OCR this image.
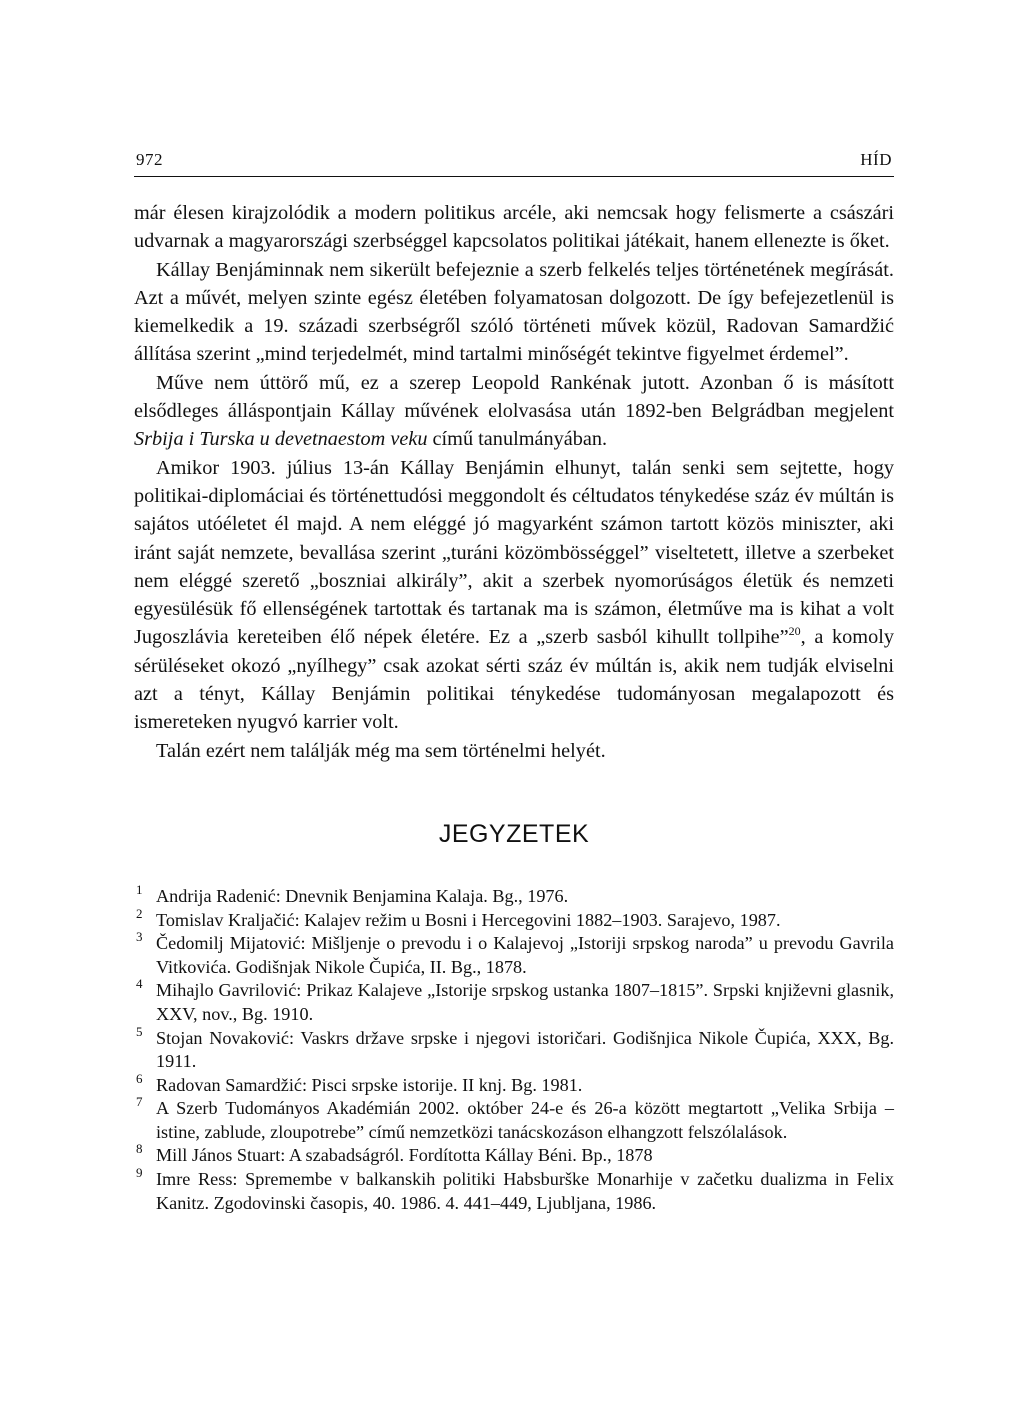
972	HÍD

már élesen kirajzolódik a modern politikus arcéle, aki nemcsak hogy felismerte a császári udvarnak a magyarországi szerbséggel kapcsolatos politikai játékait, hanem ellenezte is őket.

Kállay Benjáminnak nem sikerült befejeznie a szerb felkelés teljes történetének megírását. Azt a művét, melyen szinte egész életében folyamatosan dolgozott. De így befejezetlenül is kiemelkedik a 19. századi szerbségről szóló történeti művek közül, Radovan Samardžić állítása szerint „mind terjedelmét, mind tartalmi minőségét tekintve figyelmet érdemel”.

Műve nem úttörő mű, ez a szerep Leopold Rankénak jutott. Azonban ő is másított elsődleges álláspontjain Kállay művének elolvasása után 1892-ben Belgrádban megjelent Srbija i Turska u devetnaestom veku című tanulmányában.

Amikor 1903. július 13-án Kállay Benjámin elhunyt, talán senki sem sejtette, hogy politikai-diplomáciai és történettudósi meggondolt és céltudatos ténykedése száz év múltán is sajátos utóéletet él majd. A nem eléggé jó magyarként számon tartott közös miniszter, aki iránt saját nemzete, bevallása szerint „turáni közömbösséggel” viseltetett, illetve a szerbeket nem eléggé szerető „boszniai alkirály”, akit a szerbek nyomorúságos életük és nemzeti egyesülésük fő ellenségének tartottak és tartanak ma is számon, életműve ma is kihat a volt Jugoszlávia kereteiben élő népek életére. Ez a „szerb sasból kihullt tollpihe”$^{20}$, a komoly sérüléseket okozó „nyílhegy” csak azokat sérti száz év múltán is, akik nem tudják elviselni azt a tényt, Kállay Benjámin politikai ténykedése tudományosan megalapozott és ismereteken nyugvó karrier volt.

Talán ezért nem találják még ma sem történelmi helyét.

JEGYZETEK
1 Andrija Radenić: Dnevnik Benjamina Kalaja. Bg., 1976.
2 Tomislav Kraljačić: Kalajev režim u Bosni i Hercegovini 1882–1903. Sarajevo, 1987.
3 Čedomilj Mijatović: Mišljenje o prevodu i o Kalajevoj „Istoriji srpskog naroda” u prevodu Gavrila Vitkovića. Godišnjak Nikole Čupića, II. Bg., 1878.
4 Mihajlo Gavrilović: Prikaz Kalajeve „Istorije srpskog ustanka 1807–1815”. Srpski književni glasnik, XXV, nov., Bg. 1910.
5 Stojan Novaković: Vaskrs države srpske i njegovi istoričari. Godišnjica Nikole Čupića, XXX, Bg. 1911.
6 Radovan Samardžić: Pisci srpske istorije. II knj. Bg. 1981.
7 A Szerb Tudományos Akadémián 2002. október 24-e és 26-a között megtartott „Velika Srbija – istine, zablude, zloupotrebe” című nemzetközi tanácskozáson elhangzott felszólalások.
8 Mill János Stuart: A szabadságról. Fordította Kállay Béni. Bp., 1878
9 Imre Ress: Spremembe v balkanskih politiki Habsburške Monarhije v začetku dualizma in Felix Kanitz. Zgodovinski časopis, 40. 1986. 4. 441–449, Ljubljana, 1986.
